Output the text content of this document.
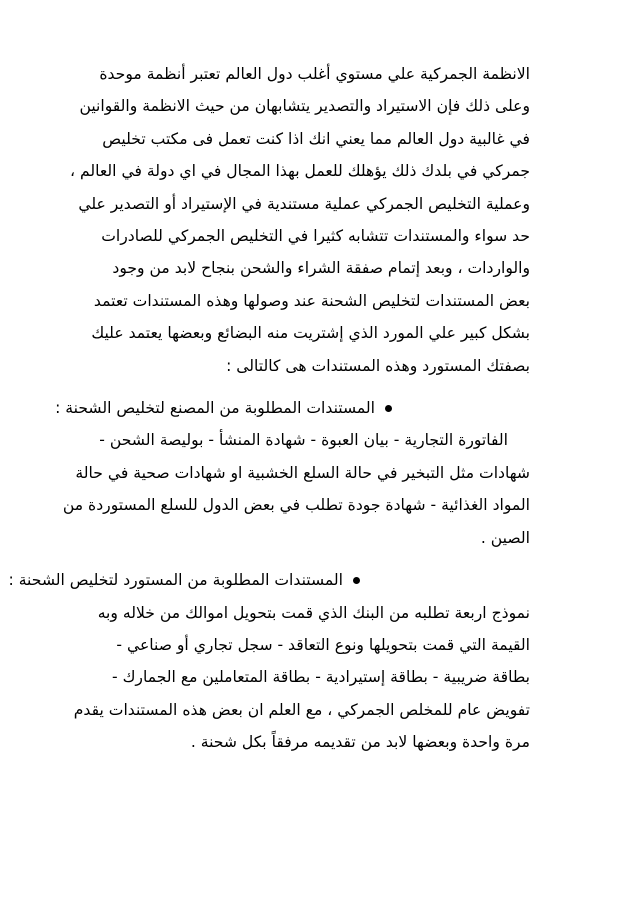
الانظمة الجمركية علي مستوي أغلب دول العالم تعتبر أنظمة موحدة
وعلى ذلك فإن الاستيراد والتصدير يتشابهان من حيث الانظمة والقوانين
في غالبية دول العالم مما يعني انك اذا كنت تعمل فى مكتب تخليص
جمركي في بلدك ذلك يؤهلك للعمل بهذا المجال في اي دولة في العالم ،
وعملية التخليص الجمركي عملية مستندية في الإستيراد أو التصدير علي
حد سواء والمستندات تتشابه كثيرا في التخليص الجمركي للصادرات
والواردات ، وبعد إتمام صفقة الشراء والشحن بنجاح لابد من وجود
بعض المستندات لتخليص الشحنة عند وصولها وهذه المستندات تعتمد
بشكل كبير علي المورد الذي إشتريت منه البضائع وبعضها يعتمد عليك
بصفتك المستورد وهذه المستندات هى كالتالى :
المستندات المطلوبة من المصنع لتخليص الشحنة :
الفاتورة التجارية - بيان العبوة - شهادة المنشأ - بوليصة الشحن -
شهادات مثل التبخير في حالة السلع الخشبية او شهادات صحية في حالة
المواد الغذائية - شهادة جودة تطلب في بعض الدول للسلع المستوردة من
الصين .
المستندات المطلوبة من المستورد لتخليص الشحنة :
نموذج اربعة تطلبه من البنك الذي قمت بتحويل اموالك من خلاله وبه
القيمة التي قمت بتحويلها ونوع التعاقد - سجل تجاري أو صناعي -
بطاقة ضريبية - بطاقة إستيرادية - بطاقة المتعاملين مع الجمارك -
تفويض عام للمخلص الجمركي ، مع العلم ان بعض هذه المستندات يقدم
مرة واحدة وبعضها لابد من تقديمه مرفقاً بكل شحنة .
